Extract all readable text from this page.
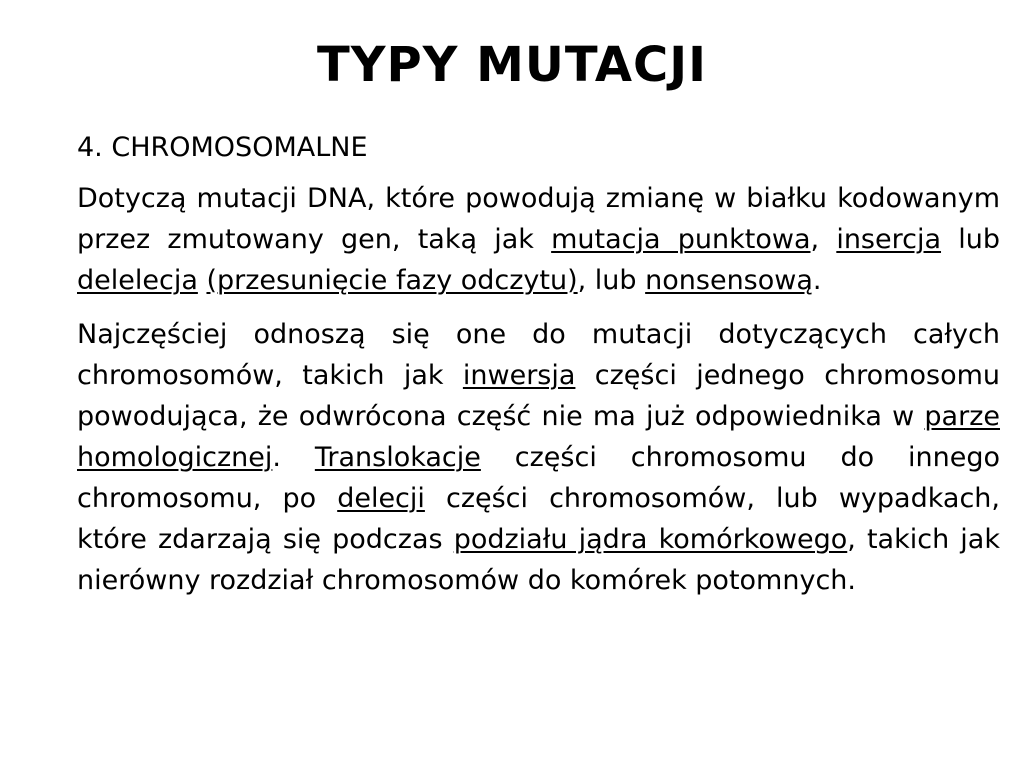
TYPY MUTACJI
4. CHROMOSOMALNE

Dotyczą mutacji DNA, które powodują zmianę w białku kodowanym przez zmutowany gen, taką jak mutacja punktowa, insercja lub delelecja (przesunięcie fazy odczytu), lub nonsensową.

Najczęściej odnoszą się one do mutacji dotyczących całych chromosomów, takich jak inwersja części jednego chromosomu powodująca, że odwrócona część nie ma już odpowiednika w parze homologicznej. Translokacje części chromosomu do innego chromosomu, po delecji części chromosomów, lub wypadkach, które zdarzają się podczas podziału jądra komórkowego, takich jak nierówny rozdział chromosomów do komórek potomnych.
